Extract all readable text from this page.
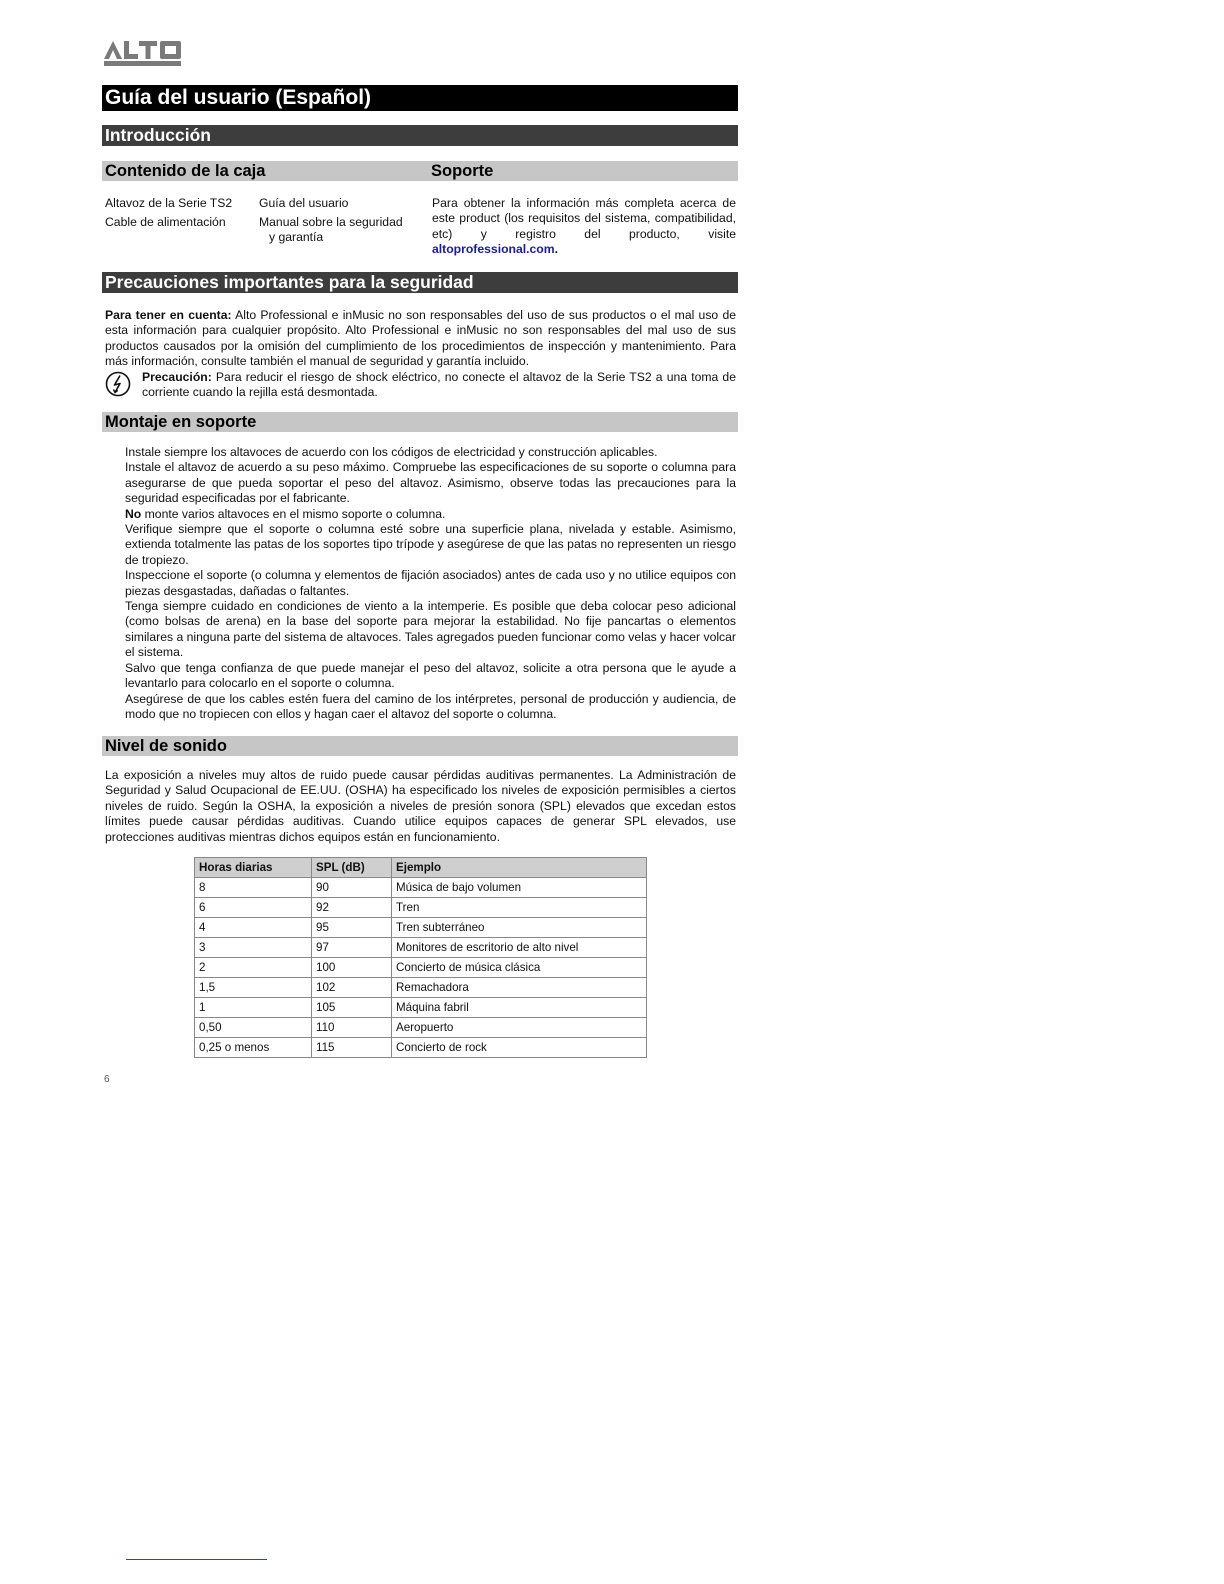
Guía del usuario (Español)
Introducción
Contenido de la caja	Soporte
Altavoz de la Serie TS2
Cable de alimentación
Guía del usuario
Manual sobre la seguridad
y garantía
Para obtener la información más completa acerca de este product (los requisitos del sistema, compatibilidad, etc) y registro del producto, visite altoprofessional.com.
Precauciones importantes para la seguridad
Para tener en cuenta: Alto Professional e inMusic no son responsables del uso de sus productos o el mal uso de esta información para cualquier propósito. Alto Professional e inMusic no son responsables del mal uso de sus productos causados por la omisión del cumplimiento de los procedimientos de inspección y mantenimiento. Para más información, consulte también el manual de seguridad y garantía incluido.
Precaución: Para reducir el riesgo de shock eléctrico, no conecte el altavoz de la Serie TS2 a una toma de corriente cuando la rejilla está desmontada.
Montaje en soporte
Instale siempre los altavoces de acuerdo con los códigos de electricidad y construcción aplicables.
Instale el altavoz de acuerdo a su peso máximo. Compruebe las especificaciones de su soporte o columna para asegurarse de que pueda soportar el peso del altavoz. Asimismo, observe todas las precauciones para la seguridad especificadas por el fabricante.
No monte varios altavoces en el mismo soporte o columna.
Verifique siempre que el soporte o columna esté sobre una superficie plana, nivelada y estable. Asimismo, extienda totalmente las patas de los soportes tipo trípode y asegúrese de que las patas no representen un riesgo de tropiezo.
Inspeccione el soporte (o columna y elementos de fijación asociados) antes de cada uso y no utilice equipos con piezas desgastadas, dañadas o faltantes.
Tenga siempre cuidado en condiciones de viento a la intemperie. Es posible que deba colocar peso adicional (como bolsas de arena) en la base del soporte para mejorar la estabilidad. No fije pancartas o elementos similares a ninguna parte del sistema de altavoces. Tales agregados pueden funcionar como velas y hacer volcar el sistema.
Salvo que tenga confianza de que puede manejar el peso del altavoz, solicite a otra persona que le ayude a levantarlo para colocarlo en el soporte o columna.
Asegúrese de que los cables estén fuera del camino de los intérpretes, personal de producción y audiencia, de modo que no tropiecen con ellos y hagan caer el altavoz del soporte o columna.
Nivel de sonido
La exposición a niveles muy altos de ruido puede causar pérdidas auditivas permanentes. La Administración de Seguridad y Salud Ocupacional de EE.UU. (OSHA) ha especificado los niveles de exposición permisibles a ciertos niveles de ruido. Según la OSHA, la exposición a niveles de presión sonora (SPL) elevados que excedan estos límites puede causar pérdidas auditivas. Cuando utilice equipos capaces de generar SPL elevados, use protecciones auditivas mientras dichos equipos están en funcionamiento.
Horas diarias	SPL (dB)	Ejemplo
8	90	Música de bajo volumen
6	92	Tren
4	95	Tren subterráneo
3	97	Monitores de escritorio de alto nivel
2	100	Concierto de música clásica
1,5	102	Remachadora
1	105	Máquina fabril
0,50	110	Aeropuerto
0,25 o menos	115	Concierto de rock
6
